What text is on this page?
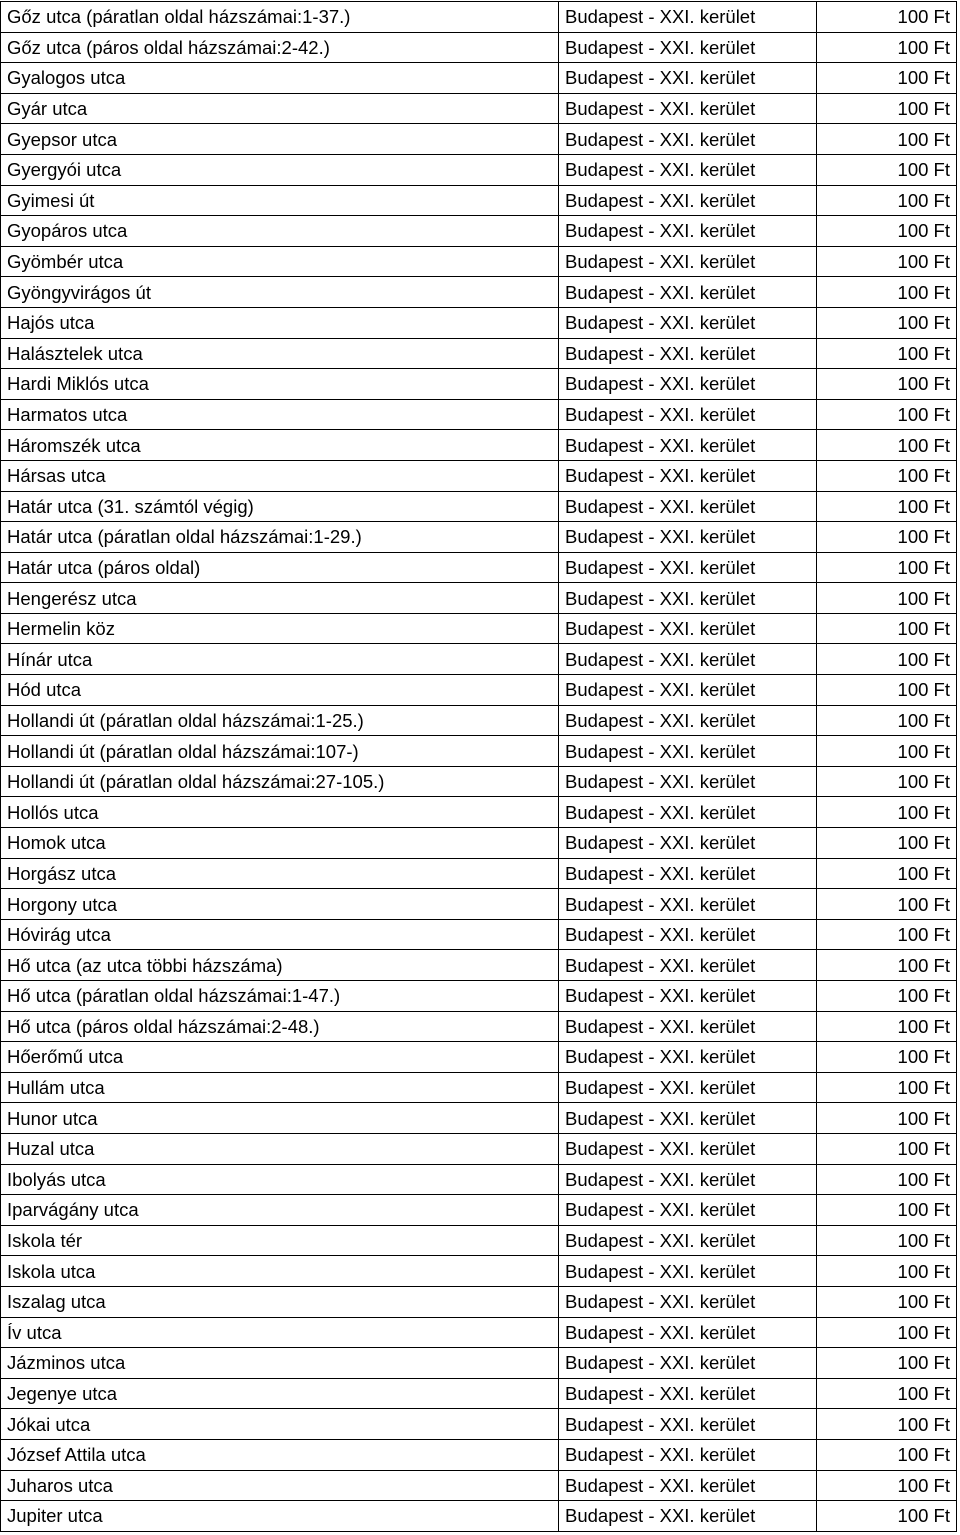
Gőz utca (páratlan oldal házszámai:1-37.)	Budapest - XXI. kerület	100 Ft
Gőz utca (páros oldal házszámai:2-42.)	Budapest - XXI. kerület	100 Ft
Gyalogos utca	Budapest - XXI. kerület	100 Ft
Gyár utca	Budapest - XXI. kerület	100 Ft
Gyepsor utca	Budapest - XXI. kerület	100 Ft
Gyergyói utca	Budapest - XXI. kerület	100 Ft
Gyimesi út	Budapest - XXI. kerület	100 Ft
Gyopáros utca	Budapest - XXI. kerület	100 Ft
Gyömbér utca	Budapest - XXI. kerület	100 Ft
Gyöngyvirágos út	Budapest - XXI. kerület	100 Ft
Hajós utca	Budapest - XXI. kerület	100 Ft
Halásztelek utca	Budapest - XXI. kerület	100 Ft
Hardi Miklós utca	Budapest - XXI. kerület	100 Ft
Harmatos utca	Budapest - XXI. kerület	100 Ft
Háromszék utca	Budapest - XXI. kerület	100 Ft
Hársas utca	Budapest - XXI. kerület	100 Ft
Határ utca (31. számtól végig)	Budapest - XXI. kerület	100 Ft
Határ utca (páratlan oldal házszámai:1-29.)	Budapest - XXI. kerület	100 Ft
Határ utca (páros oldal)	Budapest - XXI. kerület	100 Ft
Hengerész utca	Budapest - XXI. kerület	100 Ft
Hermelin köz	Budapest - XXI. kerület	100 Ft
Hínár utca	Budapest - XXI. kerület	100 Ft
Hód utca	Budapest - XXI. kerület	100 Ft
Hollandi út (páratlan oldal házszámai:1-25.)	Budapest - XXI. kerület	100 Ft
Hollandi út (páratlan oldal házszámai:107-)	Budapest - XXI. kerület	100 Ft
Hollandi út (páratlan oldal házszámai:27-105.)	Budapest - XXI. kerület	100 Ft
Hollós utca	Budapest - XXI. kerület	100 Ft
Homok utca	Budapest - XXI. kerület	100 Ft
Horgász utca	Budapest - XXI. kerület	100 Ft
Horgony utca	Budapest - XXI. kerület	100 Ft
Hóvirág utca	Budapest - XXI. kerület	100 Ft
Hő utca (az utca többi házszáma)	Budapest - XXI. kerület	100 Ft
Hő utca (páratlan oldal házszámai:1-47.)	Budapest - XXI. kerület	100 Ft
Hő utca (páros oldal házszámai:2-48.)	Budapest - XXI. kerület	100 Ft
Hőerőmű utca	Budapest - XXI. kerület	100 Ft
Hullám utca	Budapest - XXI. kerület	100 Ft
Hunor utca	Budapest - XXI. kerület	100 Ft
Huzal utca	Budapest - XXI. kerület	100 Ft
Ibolyás utca	Budapest - XXI. kerület	100 Ft
Iparvágány utca	Budapest - XXI. kerület	100 Ft
Iskola tér	Budapest - XXI. kerület	100 Ft
Iskola utca	Budapest - XXI. kerület	100 Ft
Iszalag utca	Budapest - XXI. kerület	100 Ft
Ív utca	Budapest - XXI. kerület	100 Ft
Jázminos utca	Budapest - XXI. kerület	100 Ft
Jegenye utca	Budapest - XXI. kerület	100 Ft
Jókai utca	Budapest - XXI. kerület	100 Ft
József Attila utca	Budapest - XXI. kerület	100 Ft
Juharos utca	Budapest - XXI. kerület	100 Ft
Jupiter utca	Budapest - XXI. kerület	100 Ft
